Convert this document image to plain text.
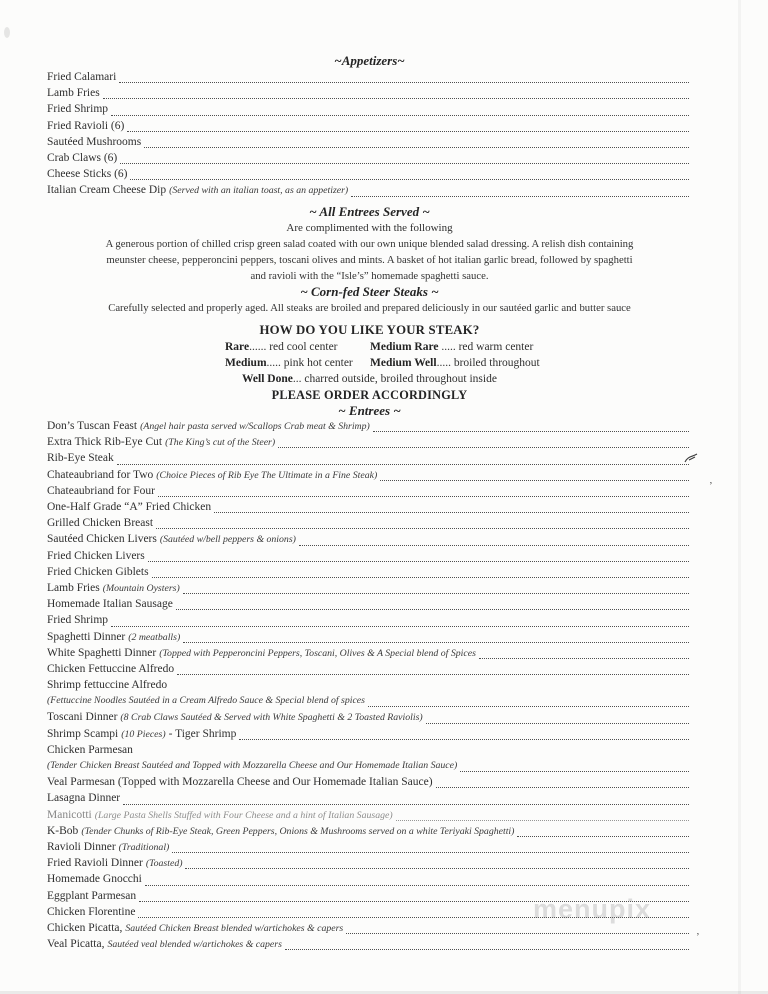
~Appetizers~
Fried Calamari
Lamb Fries
Fried Shrimp
Fried Ravioli (6)
Sautéed Mushrooms
Crab Claws (6)
Cheese Sticks (6)
Italian Cream Cheese Dip (Served with an italian toast, as an appetizer)
~ All Entrees Served ~
Are complimented with the following
A generous portion of chilled crisp green salad coated with our own unique blended salad dressing. A relish dish containing
meunster cheese, pepperoncini peppers, toscani olives and mints. A basket of hot italian garlic bread, followed by spaghetti
and ravioli with the “Isle’s” homemade spaghetti sauce.
~ Corn-fed Steer Steaks ~
Carefully selected and properly aged. All steaks are broiled and prepared deliciously in our sautéed garlic and butter sauce
HOW DO YOU LIKE YOUR STEAK?
Rare...... red cool center	Medium Rare ..... red warm center
Medium..... pink hot center	Medium Well..... broiled throughout
Well Done... charred outside, broiled throughout inside
PLEASE ORDER ACCORDINGLY
~ Entrees ~
Don’s Tuscan Feast (Angel hair pasta served w/Scallops Crab meat & Shrimp)
Extra Thick Rib-Eye Cut (The King’s cut of the Steer)
Rib-Eye Steak
Chateaubriand for Two (Choice Pieces of Rib Eye The Ultimate in a Fine Steak)
Chateaubriand for Four
One-Half Grade “A” Fried Chicken
Grilled Chicken Breast
Sautéed Chicken Livers (Sautéed w/bell peppers & onions)
Fried Chicken Livers
Fried Chicken Giblets
Lamb Fries (Mountain Oysters)
Homemade Italian Sausage
Fried Shrimp
Spaghetti Dinner (2 meatballs)
White Spaghetti Dinner (Topped with Pepperoncini Peppers, Toscani, Olives & A Special blend of Spices
Chicken Fettuccine Alfredo
Shrimp fettuccine Alfredo
(Fettuccine Noodles Sautéed in a Cream Alfredo Sauce & Special blend of spices
Toscani Dinner (8 Crab Claws Sautéed & Served with White Spaghetti & 2 Toasted Raviolis)
Shrimp Scampi (10 Pieces) - Tiger Shrimp
Chicken Parmesan
(Tender Chicken Breast Sautéed and Topped with Mozzarella Cheese and Our Homemade Italian Sauce)
Veal Parmesan (Topped with Mozzarella Cheese and Our Homemade Italian Sauce)
Lasagna Dinner
Manicotti (Large Pasta Shells Stuffed with Four Cheese and a hint of Italian Sausage)
K-Bob (Tender Chunks of Rib-Eye Steak, Green Peppers, Onions & Mushrooms served on a white Teriyaki Spaghetti)
Ravioli Dinner (Traditional)
Fried Ravioli Dinner (Toasted)
Homemade Gnocchi
Eggplant Parmesan
Chicken Florentine
Chicken Picatta, Sautéed Chicken Breast blended w/artichokes & capers
Veal Picatta, Sautéed veal blended w/artichokes & capers
menupix
’
’
